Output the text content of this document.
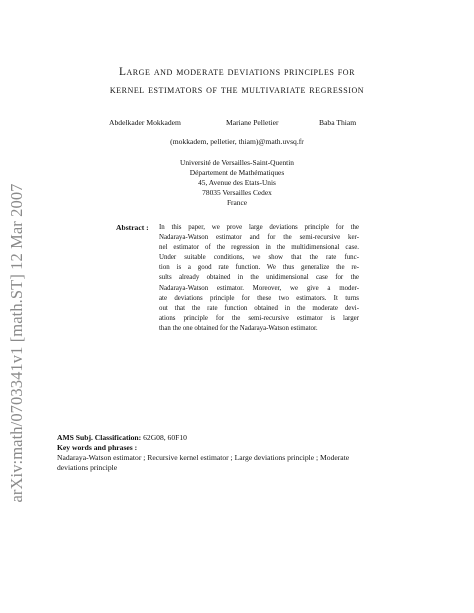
arXiv:math/0703341v1 [math.ST] 12 Mar 2007
Large and moderate deviations principles for
kernel estimators of the multivariate regression
Abdelkader Mokkadem	Mariane Pelletier	Baba Thiam
(mokkadem, pelletier, thiam)@math.uvsq.fr
Université de Versailles-Saint-Quentin
Département de Mathématiques
45, Avenue des Etats-Unis
78035 Versailles Cedex
France
Abstract : In this paper, we prove large deviations principle for the
Nadaraya-Watson estimator and for the semi-recursive ker-
nel estimator of the regression in the multidimensional case.
Under suitable conditions, we show that the rate func-
tion is a good rate function. We thus generalize the re-
sults already obtained in the unidimensional case for the
Nadaraya-Watson estimator. Moreover, we give a moder-
ate deviations principle for these two estimators. It turns
out that the rate function obtained in the moderate devi-
ations principle for the semi-recursive estimator is larger
than the one obtained for the Nadaraya-Watson estimator.
AMS Subj. Classification: 62G08, 60F10
Key words and phrases :
Nadaraya-Watson estimator ; Recursive kernel estimator ; Large deviations principle ; Moderate
deviations principle
